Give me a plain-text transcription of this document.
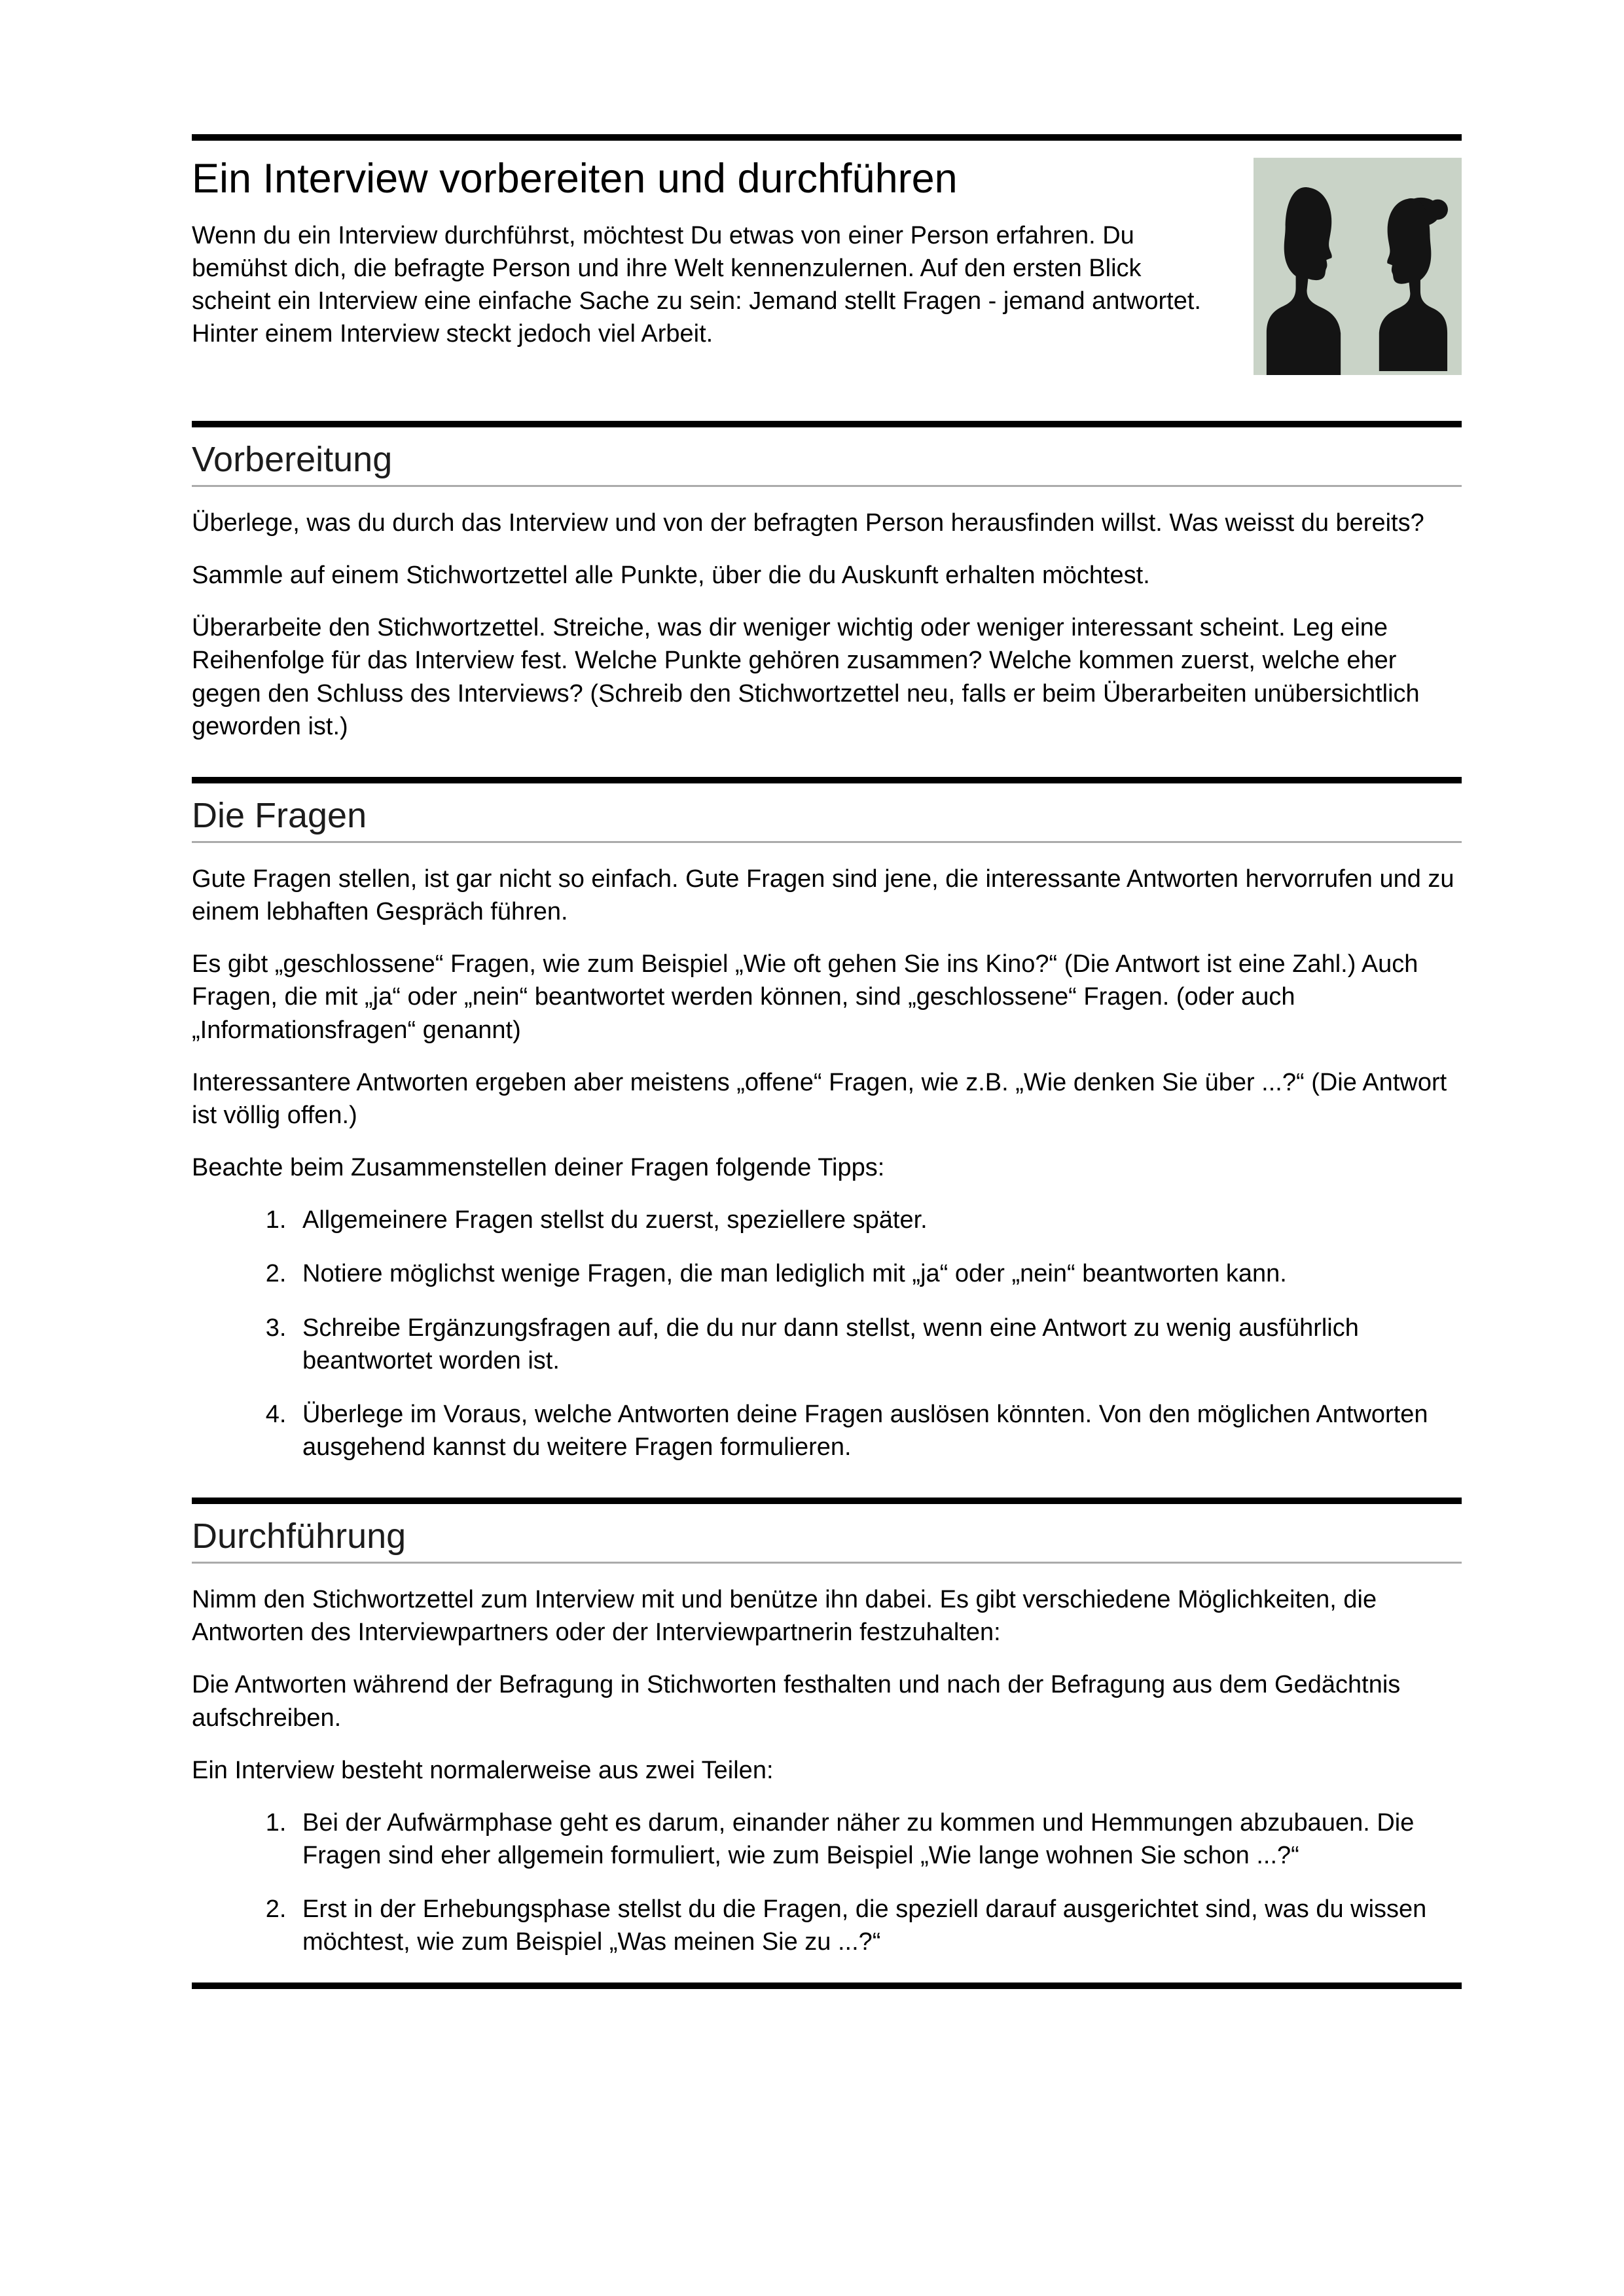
Ein Interview vorbereiten und durchführen

Wenn du ein Interview durchführst, möchtest Du etwas von einer Person erfahren. Du bemühst dich, die befragte Person und ihre Welt kennenzulernen. Auf den ersten Blick scheint ein Interview eine einfache Sache zu sein: Jemand stellt Fragen - jemand antwortet. Hinter einem Interview steckt jedoch viel Arbeit.

Vorbereitung

Überlege, was du durch das Interview und von der befragten Person herausfinden willst. Was weisst du bereits?

Sammle auf einem Stichwortzettel alle Punkte, über die du Auskunft erhalten möchtest.

Überarbeite den Stichwortzettel. Streiche, was dir weniger wichtig oder weniger interessant scheint. Leg eine Reihenfolge für das Interview fest. Welche Punkte gehören zusammen? Welche kommen zuerst, welche eher gegen den Schluss des Interviews? (Schreib den Stichwortzettel neu, falls er beim Überarbeiten unübersichtlich geworden ist.)

Die Fragen

Gute Fragen stellen, ist gar nicht so einfach. Gute Fragen sind jene, die interessante Antworten hervorrufen und zu einem lebhaften Gespräch führen.

Es gibt „geschlossene“ Fragen, wie zum Beispiel „Wie oft gehen Sie ins Kino?“ (Die Antwort ist eine Zahl.) Auch Fragen, die mit „ja“ oder „nein“ beantwortet werden können, sind „geschlossene“ Fragen. (oder auch „Informationsfragen“ genannt)

Interessantere Antworten ergeben aber meistens „offene“ Fragen, wie z.B. „Wie denken Sie über ...?“ (Die Antwort ist völlig offen.)

Beachte beim Zusammenstellen deiner Fragen folgende Tipps:

1. Allgemeinere Fragen stellst du zuerst, speziellere später.
2. Notiere möglichst wenige Fragen, die man lediglich mit „ja“ oder „nein“ beantworten kann.
3. Schreibe Ergänzungsfragen auf, die du nur dann stellst, wenn eine Antwort zu wenig ausführlich beantwortet worden ist.
4. Überlege im Voraus, welche Antworten deine Fragen auslösen könnten. Von den möglichen Antworten ausgehend kannst du weitere Fragen formulieren.
Durchführung

Nimm den Stichwortzettel zum Interview mit und benütze ihn dabei. Es gibt verschiedene Möglichkeiten, die Antworten des Interviewpartners oder der Interviewpartnerin festzuhalten:

Die Antworten während der Befragung in Stichworten festhalten und nach der Befragung aus dem Gedächtnis aufschreiben.

Ein Interview besteht normalerweise aus zwei Teilen:

1. Bei der Aufwärmphase geht es darum, einander näher zu kommen und Hemmungen abzubauen. Die Fragen sind eher allgemein formuliert, wie zum Beispiel „Wie lange wohnen Sie schon ...?“
2. Erst in der Erhebungsphase stellst du die Fragen, die speziell darauf ausgerichtet sind, was du wissen möchtest, wie zum Beispiel „Was meinen Sie zu ...?“
